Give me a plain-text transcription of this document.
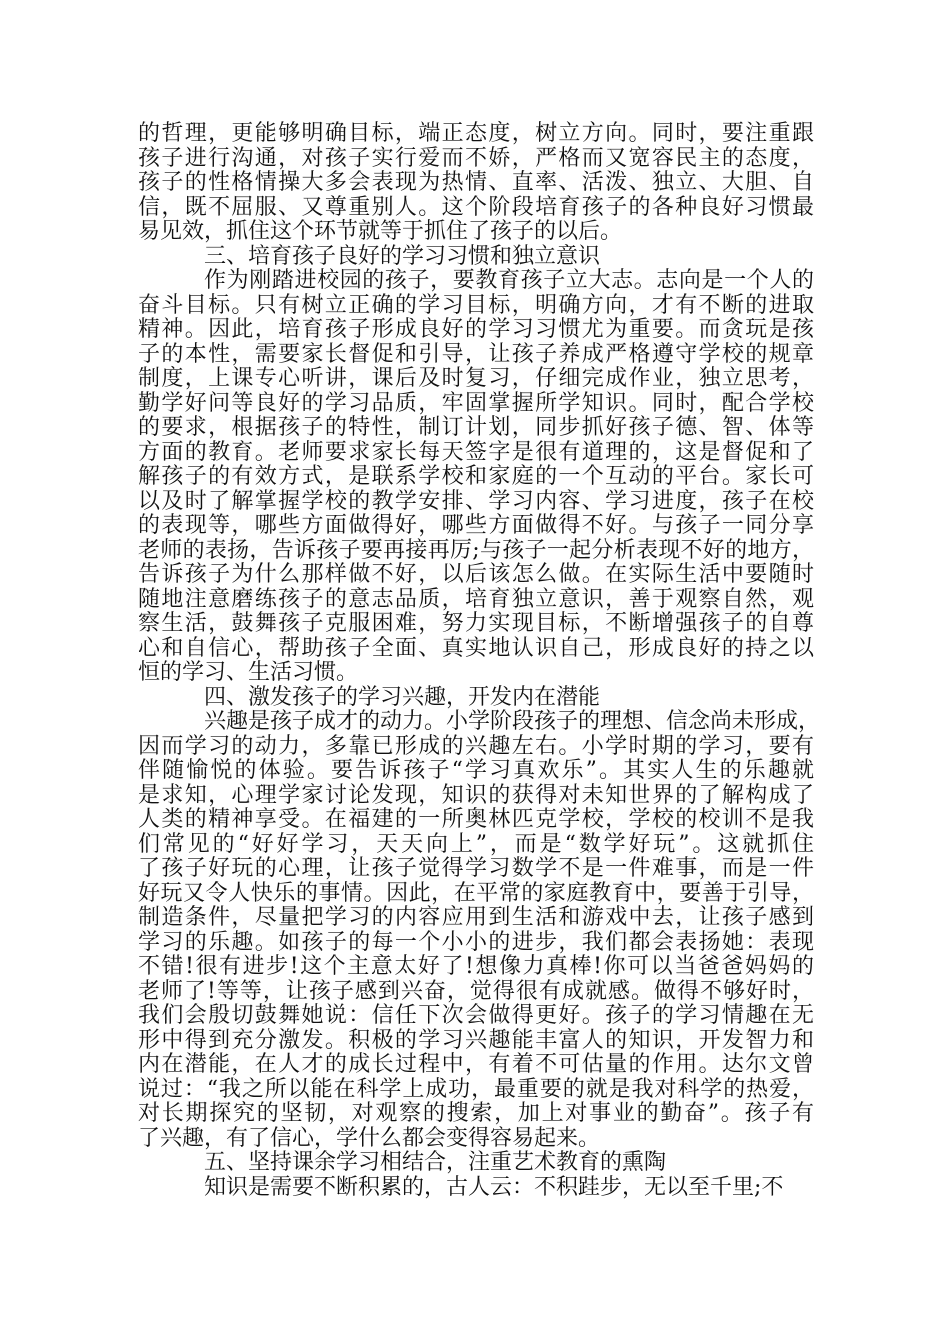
的哲理，更能够明确目标，端正态度，树立方向。同时，要注重跟
孩子进行沟通，对孩子实行爱而不娇，严格而又宽容民主的态度，
孩子的性格情操大多会表现为热情、直率、活泼、独立、大胆、自
信，既不屈服、又尊重别人。这个阶段培育孩子的各种良好习惯最
易见效，抓住这个环节就等于抓住了孩子的以后。
三、培育孩子良好的学习习惯和独立意识
作为刚踏进校园的孩子，要教育孩子立大志。志向是一个人的
奋斗目标。只有树立正确的学习目标，明确方向，才有不断的进取
精神。因此，培育孩子形成良好的学习习惯尤为重要。而贪玩是孩
子的本性，需要家长督促和引导，让孩子养成严格遵守学校的规章
制度，上课专心听讲，课后及时复习，仔细完成作业，独立思考，
勤学好问等良好的学习品质，牢固掌握所学知识。同时，配合学校
的要求，根据孩子的特性，制订计划，同步抓好孩子德、智、体等
方面的教育。老师要求家长每天签字是很有道理的，这是督促和了
解孩子的有效方式，是联系学校和家庭的一个互动的平台。家长可
以及时了解掌握学校的教学安排、学习内容、学习进度，孩子在校
的表现等，哪些方面做得好，哪些方面做得不好。与孩子一同分享
老师的表扬，告诉孩子要再接再厉;与孩子一起分析表现不好的地方，
告诉孩子为什么那样做不好，以后该怎么做。在实际生活中要随时
随地注意磨练孩子的意志品质，培育独立意识，善于观察自然，观
察生活，鼓舞孩子克服困难，努力实现目标，不断增强孩子的自尊
心和自信心，帮助孩子全面、真实地认识自己，形成良好的持之以
恒的学习、生活习惯。
四、激发孩子的学习兴趣，开发内在潜能
兴趣是孩子成才的动力。小学阶段孩子的理想、信念尚未形成，
因而学习的动力，多靠已形成的兴趣左右。小学时期的学习，要有
伴随愉悦的体验。要告诉孩子“学习真欢乐”。其实人生的乐趣就
是求知，心理学家讨论发现，知识的获得对未知世界的了解构成了
人类的精神享受。在福建的一所奥林匹克学校，学校的校训不是我
们常见的“好好学习，天天向上”，而是“数学好玩”。这就抓住
了孩子好玩的心理，让孩子觉得学习数学不是一件难事，而是一件
好玩又令人快乐的事情。因此，在平常的家庭教育中，要善于引导，
制造条件，尽量把学习的内容应用到生活和游戏中去，让孩子感到
学习的乐趣。如孩子的每一个小小的进步，我们都会表扬她：表现
不错!很有进步!这个主意太好了!想像力真棒!你可以当爸爸妈妈的
老师了!等等，让孩子感到兴奋，觉得很有成就感。做得不够好时，
我们会殷切鼓舞她说：信任下次会做得更好。孩子的学习情趣在无
形中得到充分激发。积极的学习兴趣能丰富人的知识，开发智力和
内在潜能，在人才的成长过程中，有着不可估量的作用。达尔文曾
说过：“我之所以能在科学上成功，最重要的就是我对科学的热爱，
对长期探究的坚韧，对观察的搜索，加上对事业的勤奋”。孩子有
了兴趣，有了信心，学什么都会变得容易起来。
五、坚持课余学习相结合，注重艺术教育的熏陶
知识是需要不断积累的，古人云：不积跬步，无以至千里;不
